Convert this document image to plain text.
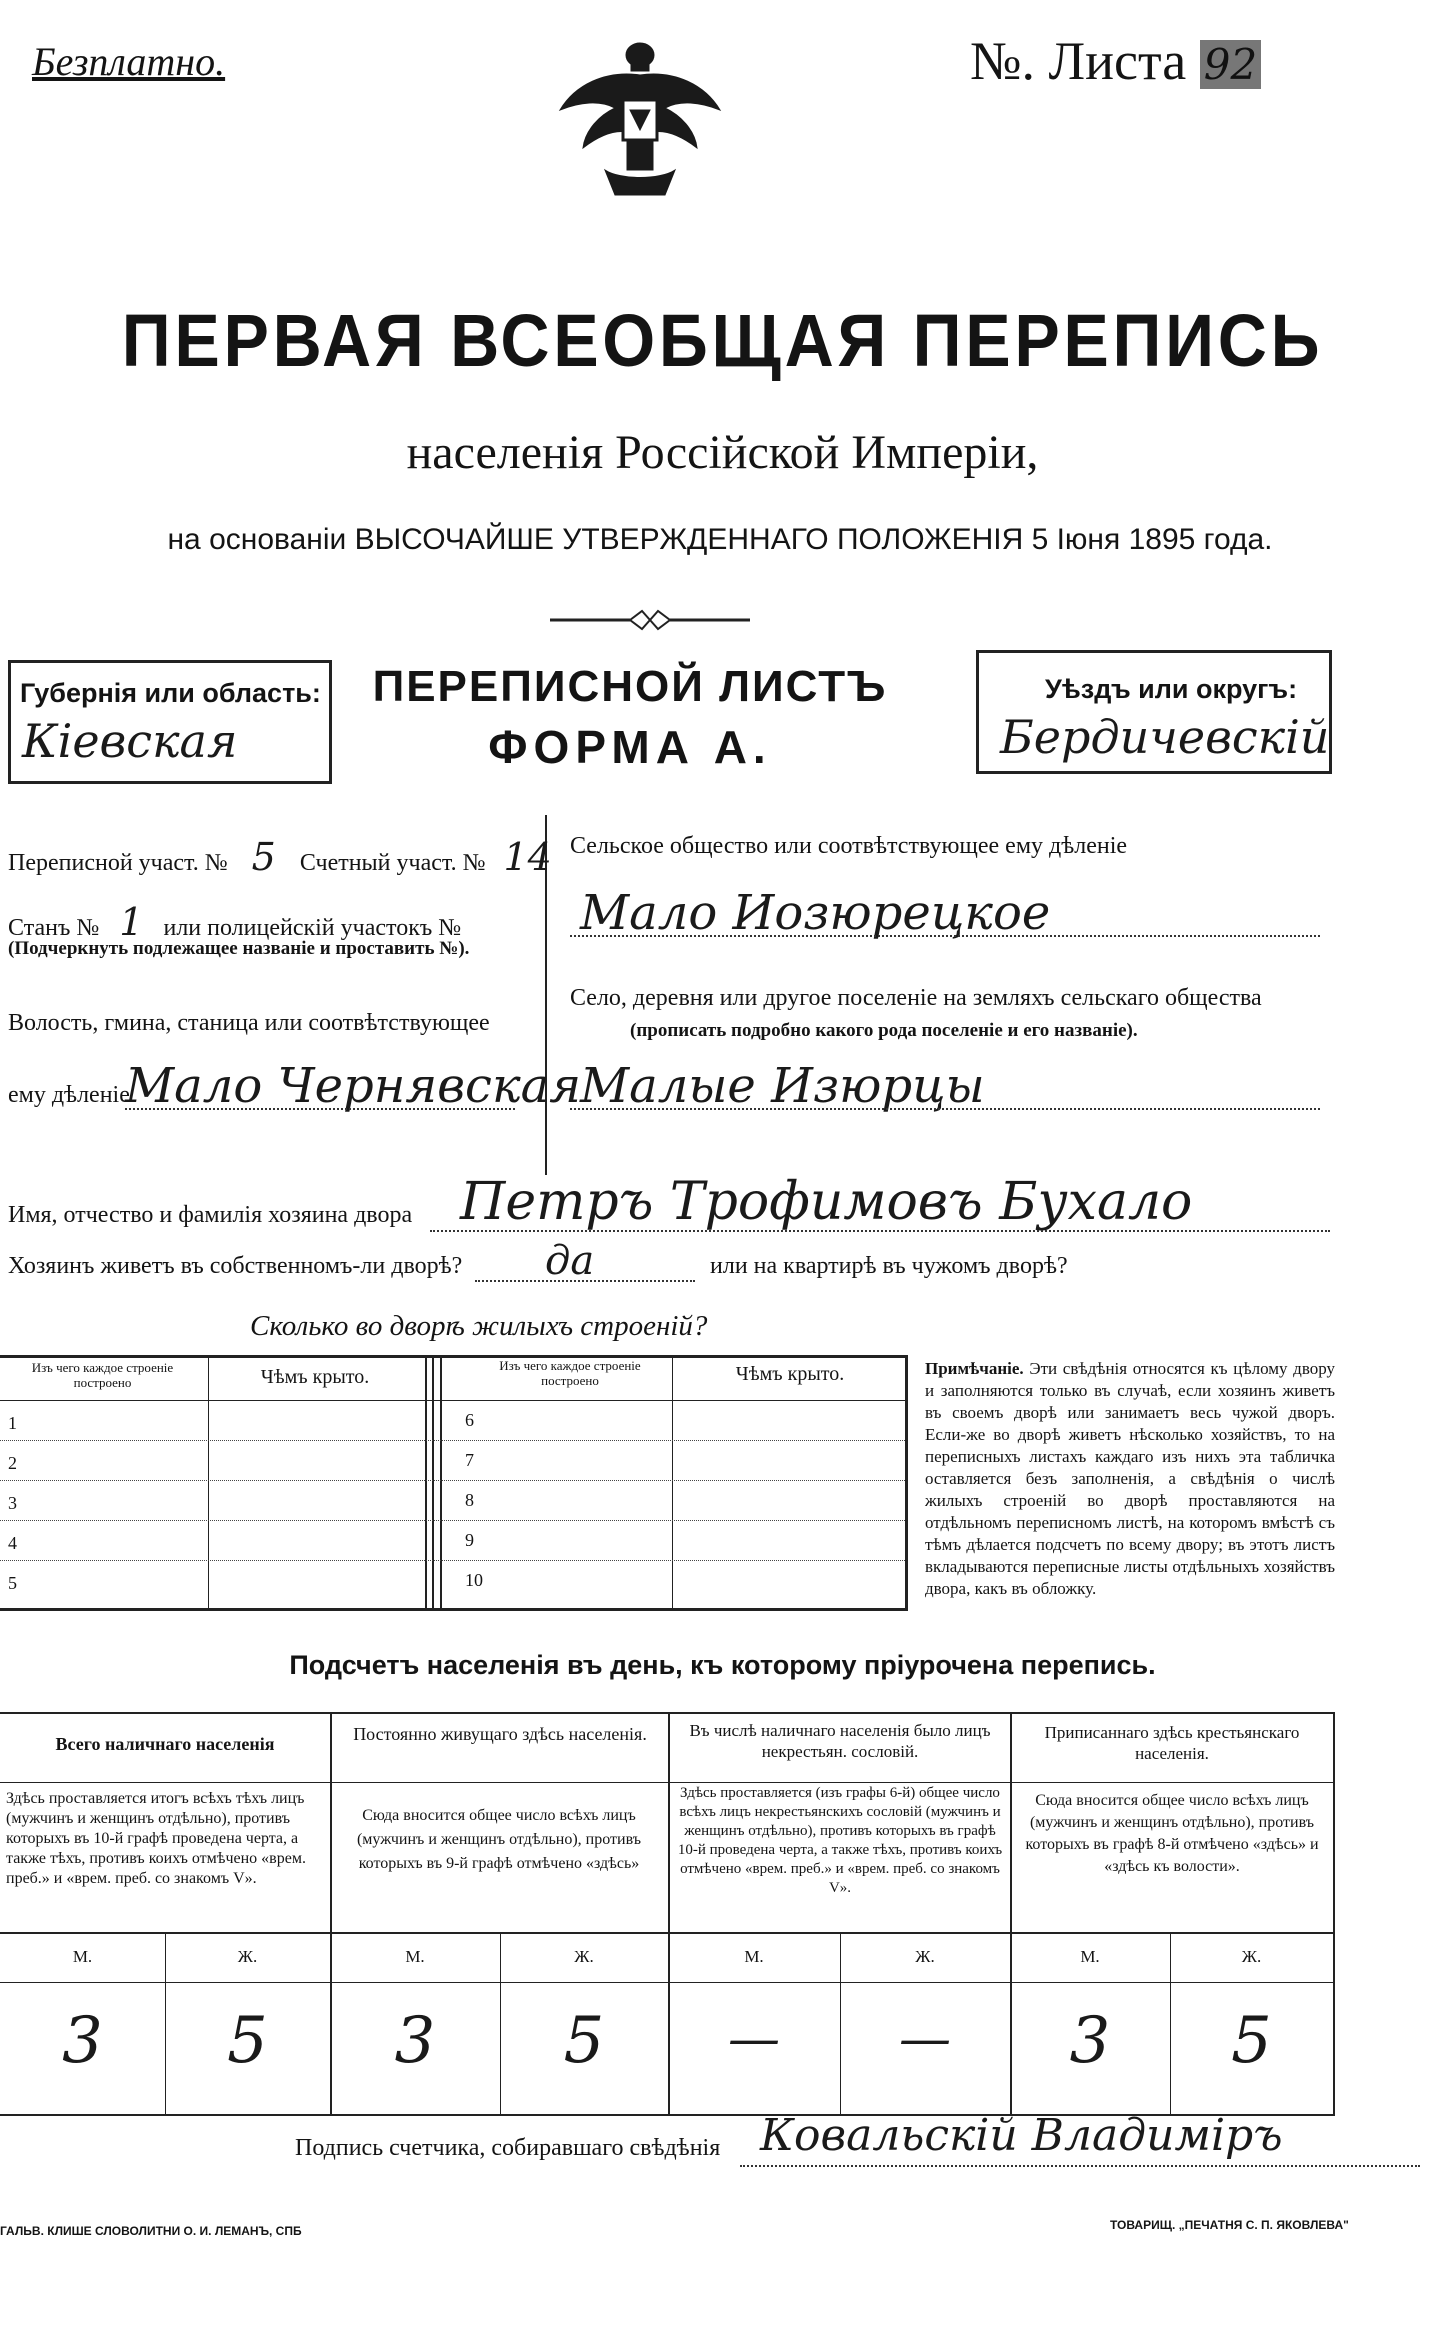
Безплатно.	№. Листа 92
ПЕРВАЯ ВСЕОБЩАЯ ПЕРЕПИСЬ
населенія Россійской Имперіи,
на основаніи ВЫСОЧАЙШЕ УТВЕРЖДЕННАГО ПОЛОЖЕНІЯ 5 Іюня 1895 года.
Губернія или область:
Кіевская
ПЕРЕПИСНОЙ ЛИСТЪ
ФОРМА А.
Уѣздъ или округъ:
Бердичевскій
Переписной участ. № 5 Счетный участ. № 14
Станъ № 1 или полицейскій участокъ №
(Подчеркнуть подлежащее названіе и проставить №).
Волость, гмина, станица или соотвѣтствующее
ему дѣленіе
Мало Чернявская
Сельское общество или соотвѣтствующее ему дѣленіе
Мало Иозюрецкое
Село, деревня или другое поселеніе на земляхъ сельскаго общества
(прописать подробно какого рода поселеніе и его названіе).
Малые Изюрцы
Имя, отчество и фамилія хозяина двора Петръ Трофимовъ Бухало
Хозяинъ живетъ въ собственномъ-ли дворѣ? да	или на квартирѣ въ чужомъ дворѣ?
Сколько во дворѣ жилыхъ строеній?
Изъ чего каждое строеніе построено	Чѣмъ крыто.
Изъ чего каждое строеніе построено	Чѣмъ крыто.
1
2
3
4
5
6
7
8
9
10
Примѣчаніе. Эти свѣдѣнія относятся къ цѣлому двору и заполняются только въ случаѣ, если хозяинъ живетъ въ своемъ дворѣ или занимаетъ весь чужой дворъ. Если-же во дворѣ живетъ нѣсколько хозяйствъ, то на переписныхъ листахъ каждаго изъ нихъ эта табличка оставляется безъ заполненія, а свѣдѣнія о числѣ жилыхъ строеній во дворѣ проставляются на отдѣльномъ переписномъ листѣ, на которомъ вмѣстѣ съ тѣмъ дѣлается подсчетъ по всему двору; въ этотъ листъ вкладываются переписные листы отдѣльныхъ хозяйствъ двора, какъ въ обложку.
Подсчетъ населенія въ день, къ которому пріурочена перепись.
Всего наличнаго населенія
Здѣсь проставляется итогъ всѣхъ тѣхъ лицъ (мужчинъ и женщинъ отдѣльно), противъ которыхъ въ 10-й графѣ проведена черта, а также тѣхъ, противъ коихъ отмѣчено «врем. преб.» и «врем. преб. со знакомъ V».
М.	Ж.
3	5
Постоянно живущаго здѣсь населенія.
Сюда вносится общее число всѣхъ лицъ (мужчинъ и женщинъ отдѣльно), противъ которыхъ въ 9-й графѣ отмѣчено «здѣсь»
М.	Ж.
3	5
Въ числѣ наличнаго населенія было лицъ некрестьян. сословій.
Здѣсь проставляется (изъ графы 6-й) общее число всѣхъ лицъ некрестьянскихъ сословій (мужчинъ и женщинъ отдѣльно), противъ которыхъ въ графѣ 10-й проведена черта, а также тѣхъ, противъ коихъ отмѣчено «врем. преб.» и «врем. преб. со знакомъ V».
М.	Ж.
—	—
Приписаннаго здѣсь крестьянскаго населенія.
Сюда вносится общее число всѣхъ лицъ (мужчинъ и женщинъ отдѣльно), противъ которыхъ въ графѣ 8-й отмѣчено «здѣсь» и «здѣсь къ волости».
М.	Ж.
3	5
Подпись счетчика, собиравшаго свѣдѣнія Ковальскій Владиміръ
ГАЛЬВ. КЛИШЕ СЛОВОЛИТНИ О. И. ЛЕМАНЪ, СПБ	ТОВАРИЩ. „ПЕЧАТНЯ С. П. ЯКОВЛЕВА"
